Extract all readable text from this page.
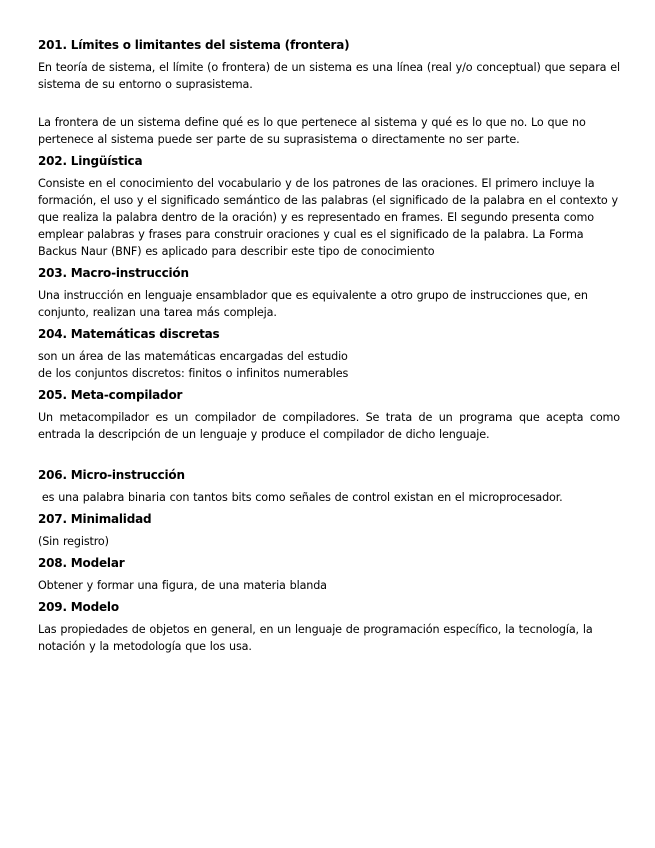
201. Límites o limitantes del sistema (frontera)
En teoría de sistema, el límite (o frontera) de un sistema es una línea (real y/o conceptual) que separa el sistema de su entorno o suprasistema.
La frontera de un sistema define qué es lo que pertenece al sistema y qué es lo que no. Lo que no pertenece al sistema puede ser parte de su suprasistema o directamente no ser parte.
202. Lingüística
Consiste en el conocimiento del vocabulario y de los patrones de las oraciones. El primero incluye la formación, el uso y el significado semántico de las palabras (el significado de la palabra en el contexto y que realiza la palabra dentro de la oración) y es representado en frames. El segundo presenta como emplear palabras y frases para construir oraciones y cual es el significado de la palabra. La Forma Backus Naur (BNF) es aplicado para describir este tipo de conocimiento
203. Macro-instrucción
Una instrucción en lenguaje ensamblador que es equivalente a otro grupo de instrucciones que, en conjunto, realizan una tarea más compleja.
204. Matemáticas discretas
son un área de las matemáticas encargadas del estudio
de los conjuntos discretos: finitos o infinitos numerables
205. Meta-compilador
Un metacompilador es un compilador de compiladores. Se trata de un programa que acepta como entrada la descripción de un lenguaje y produce el compilador de dicho lenguaje.
206. Micro-instrucción
es una palabra binaria con tantos bits como señales de control existan en el microprocesador.
207. Minimalidad
(Sin registro)
208. Modelar
Obtener y formar una figura, de una materia blanda
209. Modelo
Las propiedades de objetos en general, en un lenguaje de programación específico, la tecnología, la notación y la metodología que los usa.
